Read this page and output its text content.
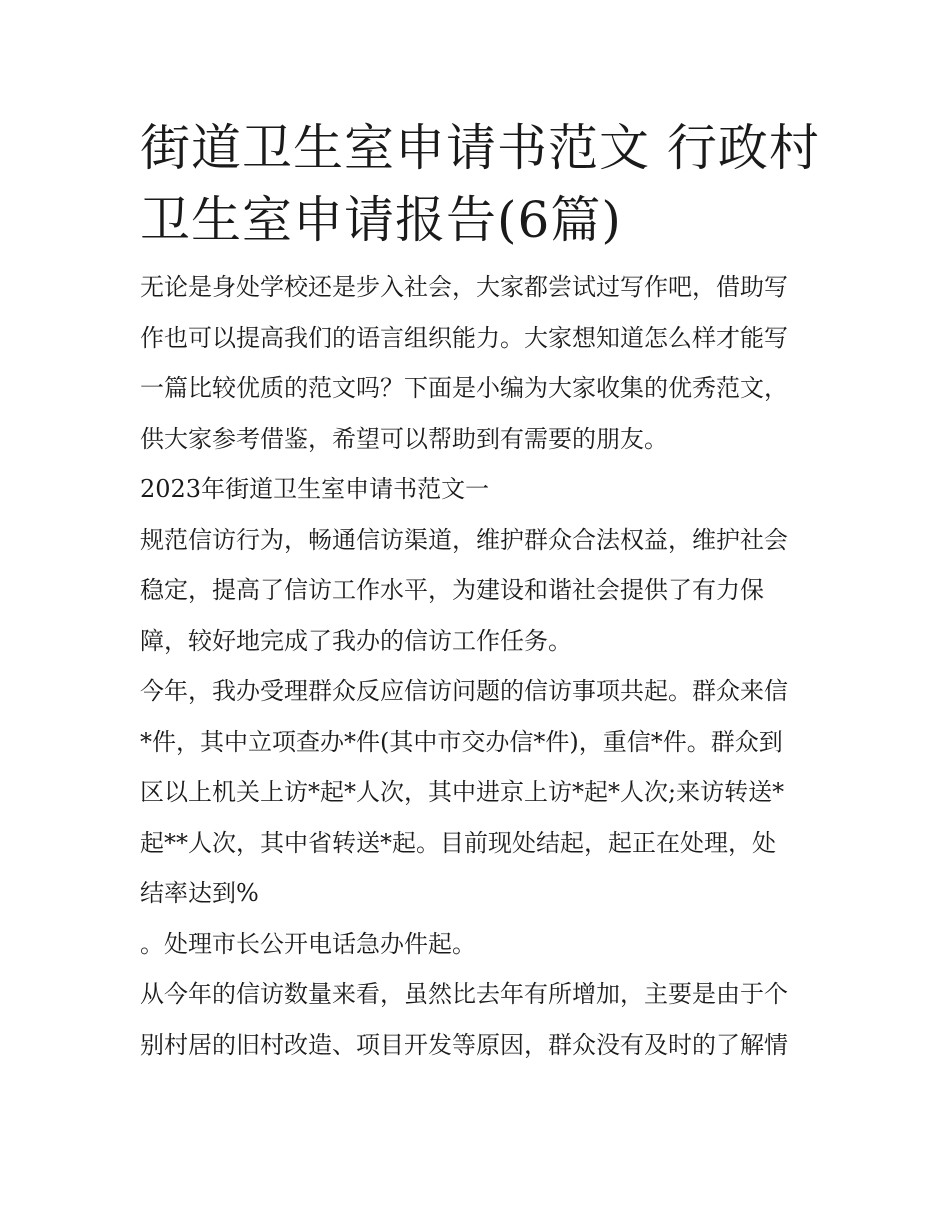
街道卫生室申请书范文 行政村
卫生室申请报告(6篇)

无论是身处学校还是步入社会，大家都尝试过写作吧，借助写
作也可以提高我们的语言组织能力。大家想知道怎么样才能写
一篇比较优质的范文吗？下面是小编为大家收集的优秀范文，
供大家参考借鉴，希望可以帮助到有需要的朋友。

2023年街道卫生室申请书范文一

规范信访行为，畅通信访渠道，维护群众合法权益，维护社会
稳定，提高了信访工作水平，为建设和谐社会提供了有力保
障，较好地完成了我办的信访工作任务。

今年，我办受理群众反应信访问题的信访事项共起。群众来信
*件，其中立项查办*件(其中市交办信*件)，重信*件。群众到
区以上机关上访*起*人次，其中进京上访*起*人次;来访转送*
起**人次，其中省转送*起。目前现处结起，起正在处理，处
结率达到%

。处理市长公开电话急办件起。

从今年的信访数量来看，虽然比去年有所增加，主要是由于个
别村居的旧村改造、项目开发等原因，群众没有及时的了解情
